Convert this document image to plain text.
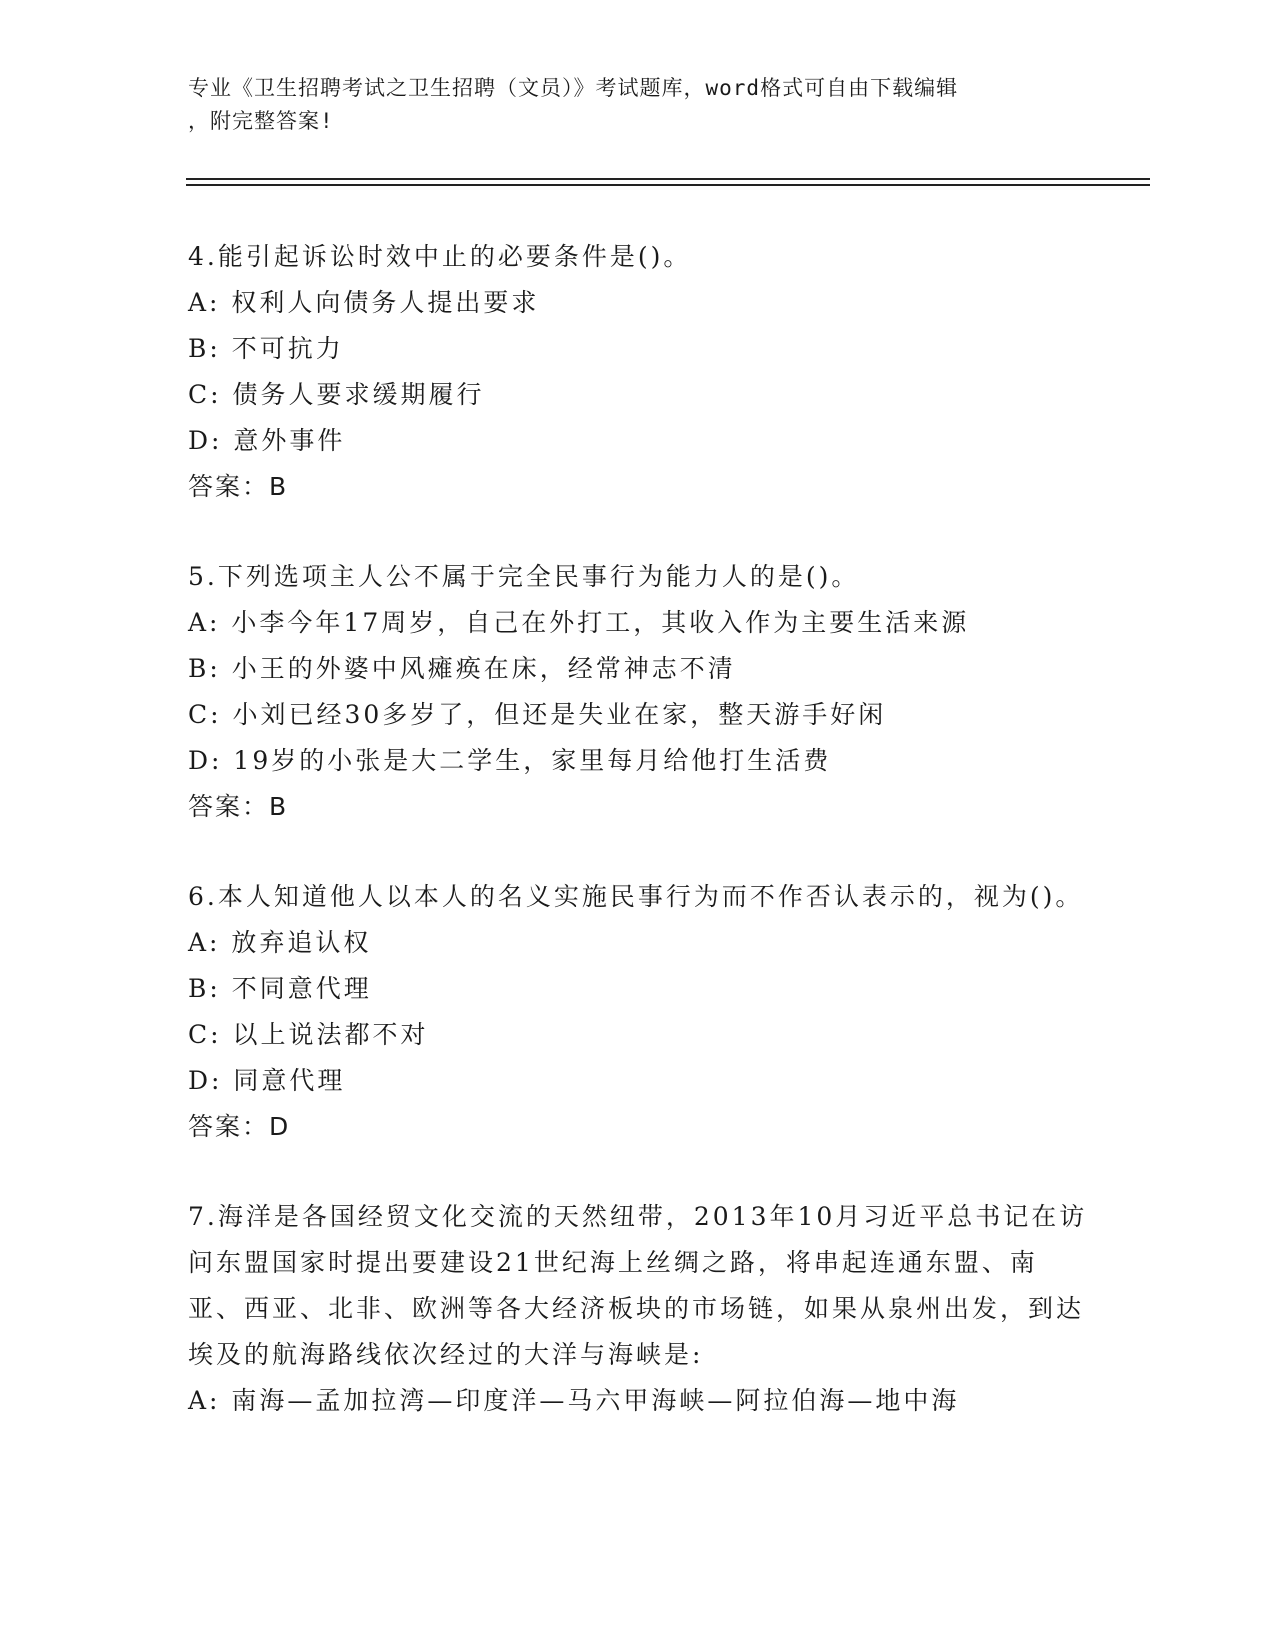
专业《卫生招聘考试之卫生招聘（文员）》考试题库，word格式可自由下载编辑
，附完整答案!

4.能引起诉讼时效中止的必要条件是()。

A: 权利人向债务人提出要求

B: 不可抗力

C: 债务人要求缓期履行

D: 意外事件

答案：B

5.下列选项主人公不属于完全民事行为能力人的是()。

A: 小李今年17周岁，自己在外打工，其收入作为主要生活来源

B: 小王的外婆中风瘫痪在床，经常神志不清

C: 小刘已经30多岁了，但还是失业在家，整天游手好闲

D: 19岁的小张是大二学生，家里每月给他打生活费

答案：B

6.本人知道他人以本人的名义实施民事行为而不作否认表示的，视为()。

A: 放弃追认权

B: 不同意代理

C: 以上说法都不对

D: 同意代理

答案：D

7.海洋是各国经贸文化交流的天然纽带，2013年10月习近平总书记在访问东盟国家时提出要建设21世纪海上丝绸之路，将串起连通东盟、南亚、西亚、北非、欧洲等各大经济板块的市场链，如果从泉州出发，到达埃及的航海路线依次经过的大洋与海峡是:

A: 南海—孟加拉湾—印度洋—马六甲海峡—阿拉伯海—地中海
